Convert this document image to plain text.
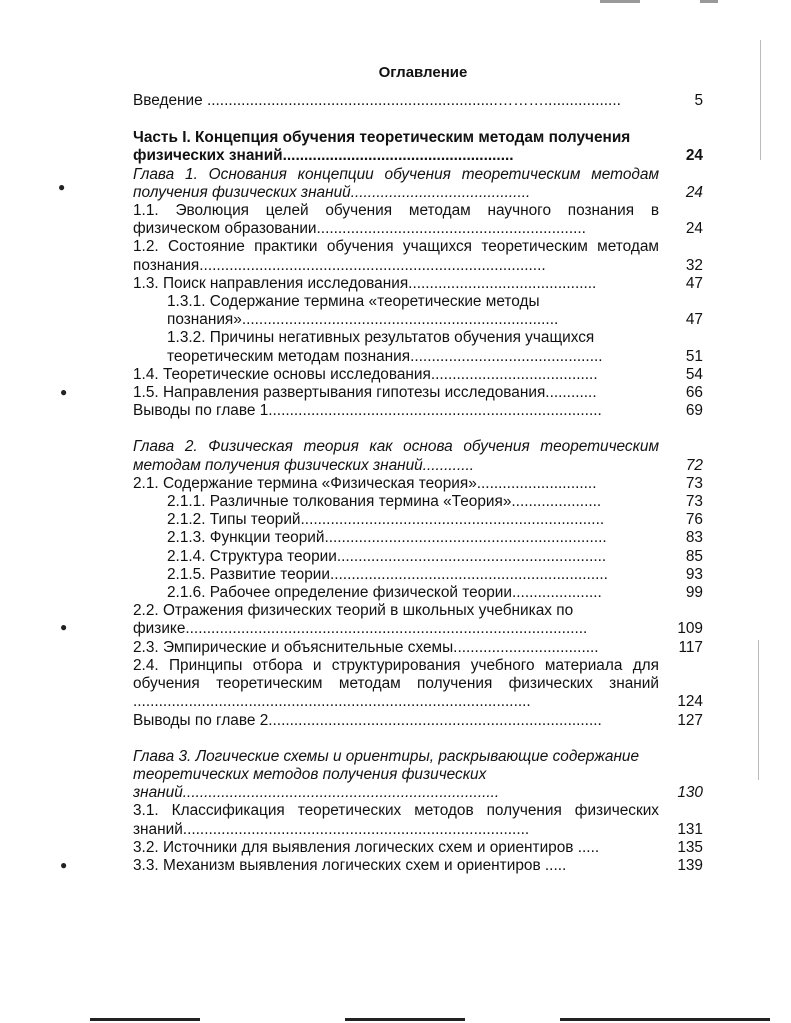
●
●
●
●
Оглавление
Введение ....................................................................………..................	5
Часть I. Концепция обучения теоретическим методам получения физических знаний......................................................	24
Глава 1. Основания концепции обучения теоретическим методам получения физических знаний..........................................	24
1.1. Эволюция целей обучения методам научного познания в физическом образовании...............................................................	24
1.2. Состояние практики обучения учащихся теоретическим методам познания.................................................................................	32
1.3. Поиск направления исследования............................................	47
1.3.1. Содержание термина «теоретические методы познания»..........................................................................	47
1.3.2. Причины негативных результатов обучения учащихся теоретическим методам познания.............................................	51
1.4. Теоретические основы исследования.......................................	54
1.5. Направления развертывания гипотезы исследования............	66
Выводы по главе 1..............................................................................	69
Глава 2. Физическая теория как основа обучения теоретическим методам получения физических знаний............	72
2.1. Содержание термина «Физическая теория»............................	73
2.1.1. Различные толкования термина «Теория».....................	73
2.1.2. Типы теорий.......................................................................	76
2.1.3. Функции теорий..................................................................	83
2.1.4. Структура теории...............................................................	85
2.1.5. Развитие теории.................................................................	93
2.1.6. Рабочее определение физической теории.....................	99
2.2. Отражения физических теорий в школьных учебниках по физике..............................................................................................	109
2.3. Эмпирические и объяснительные схемы..................................	117
2.4. Принципы отбора и структурирования учебного материала для обучения теоретическим методам получения физических знаний .............................................................................................	124
Выводы по главе 2..............................................................................	127
Глава 3. Логические схемы и ориентиры, раскрывающие содержание теоретических методов получения физических знаний..........................................................................	130
3.1. Классификация теоретических методов получения физических знаний.................................................................................	131
3.2. Источники для выявления логических схем и ориентиров .....	135
3.3. Механизм выявления логических схем и ориентиров .....	139
